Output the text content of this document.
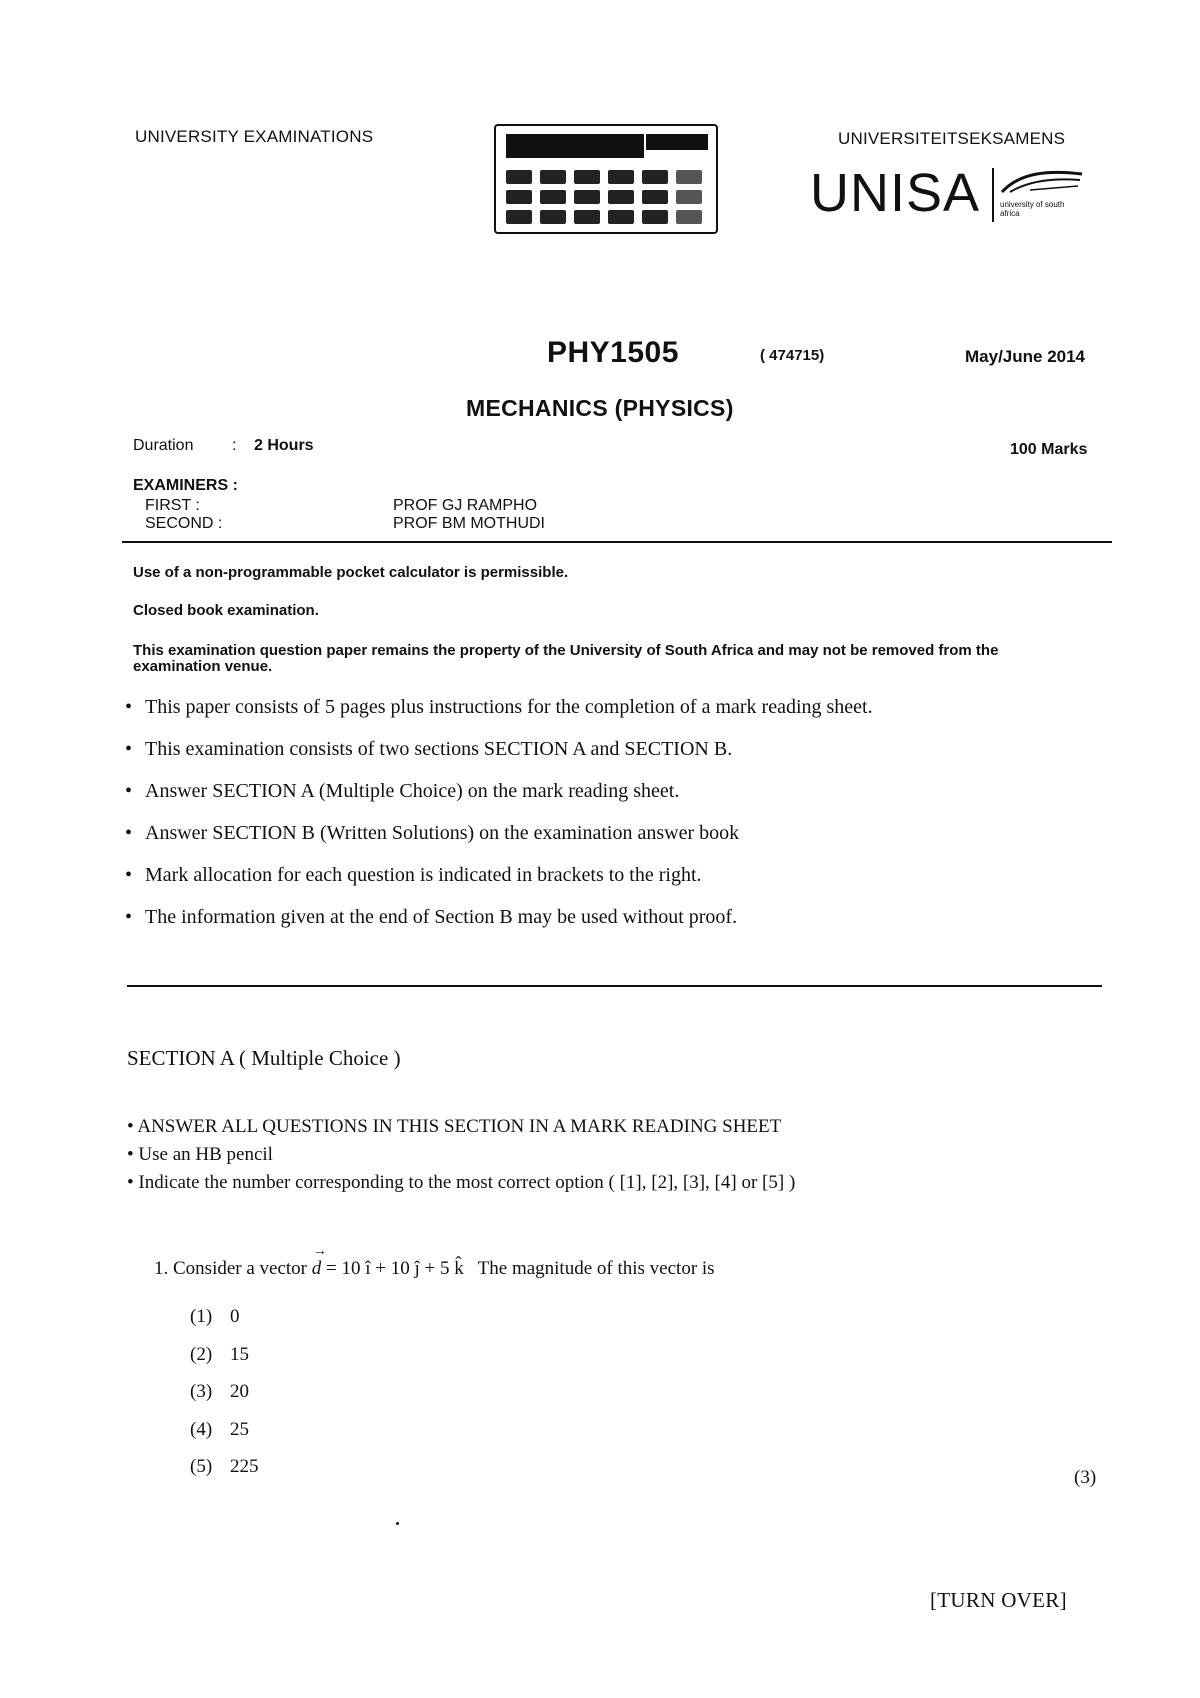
UNIVERSITY EXAMINATIONS	UNIVERSITEITSEKSAMENS
UNISA university of south africa
PHY1505	( 474715)	May/June 2014
MECHANICS (PHYSICS)
Duration : 2 Hours	100 Marks
EXAMINERS :
FIRST :	PROF GJ RAMPHO
SECOND :	PROF BM MOTHUDI
Use of a non-programmable pocket calculator is permissible.
Closed book examination.
This examination question paper remains the property of the University of South Africa and may not be removed from the examination venue.
• This paper consists of 5 pages plus instructions for the completion of a mark reading sheet.
• This examination consists of two sections SECTION A and SECTION B.
• Answer SECTION A (Multiple Choice) on the mark reading sheet.
• Answer SECTION B (Written Solutions) on the examination answer book
• Mark allocation for each question is indicated in brackets to the right.
• The information given at the end of Section B may be used without proof.
SECTION A ( Multiple Choice )
• ANSWER ALL QUESTIONS IN THIS SECTION IN A MARK READING SHEET
• Use an HB pencil
• Indicate the number corresponding to the most correct option ( [1], [2], [3], [4] or [5] )
1. Consider a vector
→
d = 10 î + 10 ĵ + 5 k̂ The magnitude of this vector is
(1) 0
(2) 15
(3) 20
(4) 25
(5) 225
(3)
[TURN OVER]
